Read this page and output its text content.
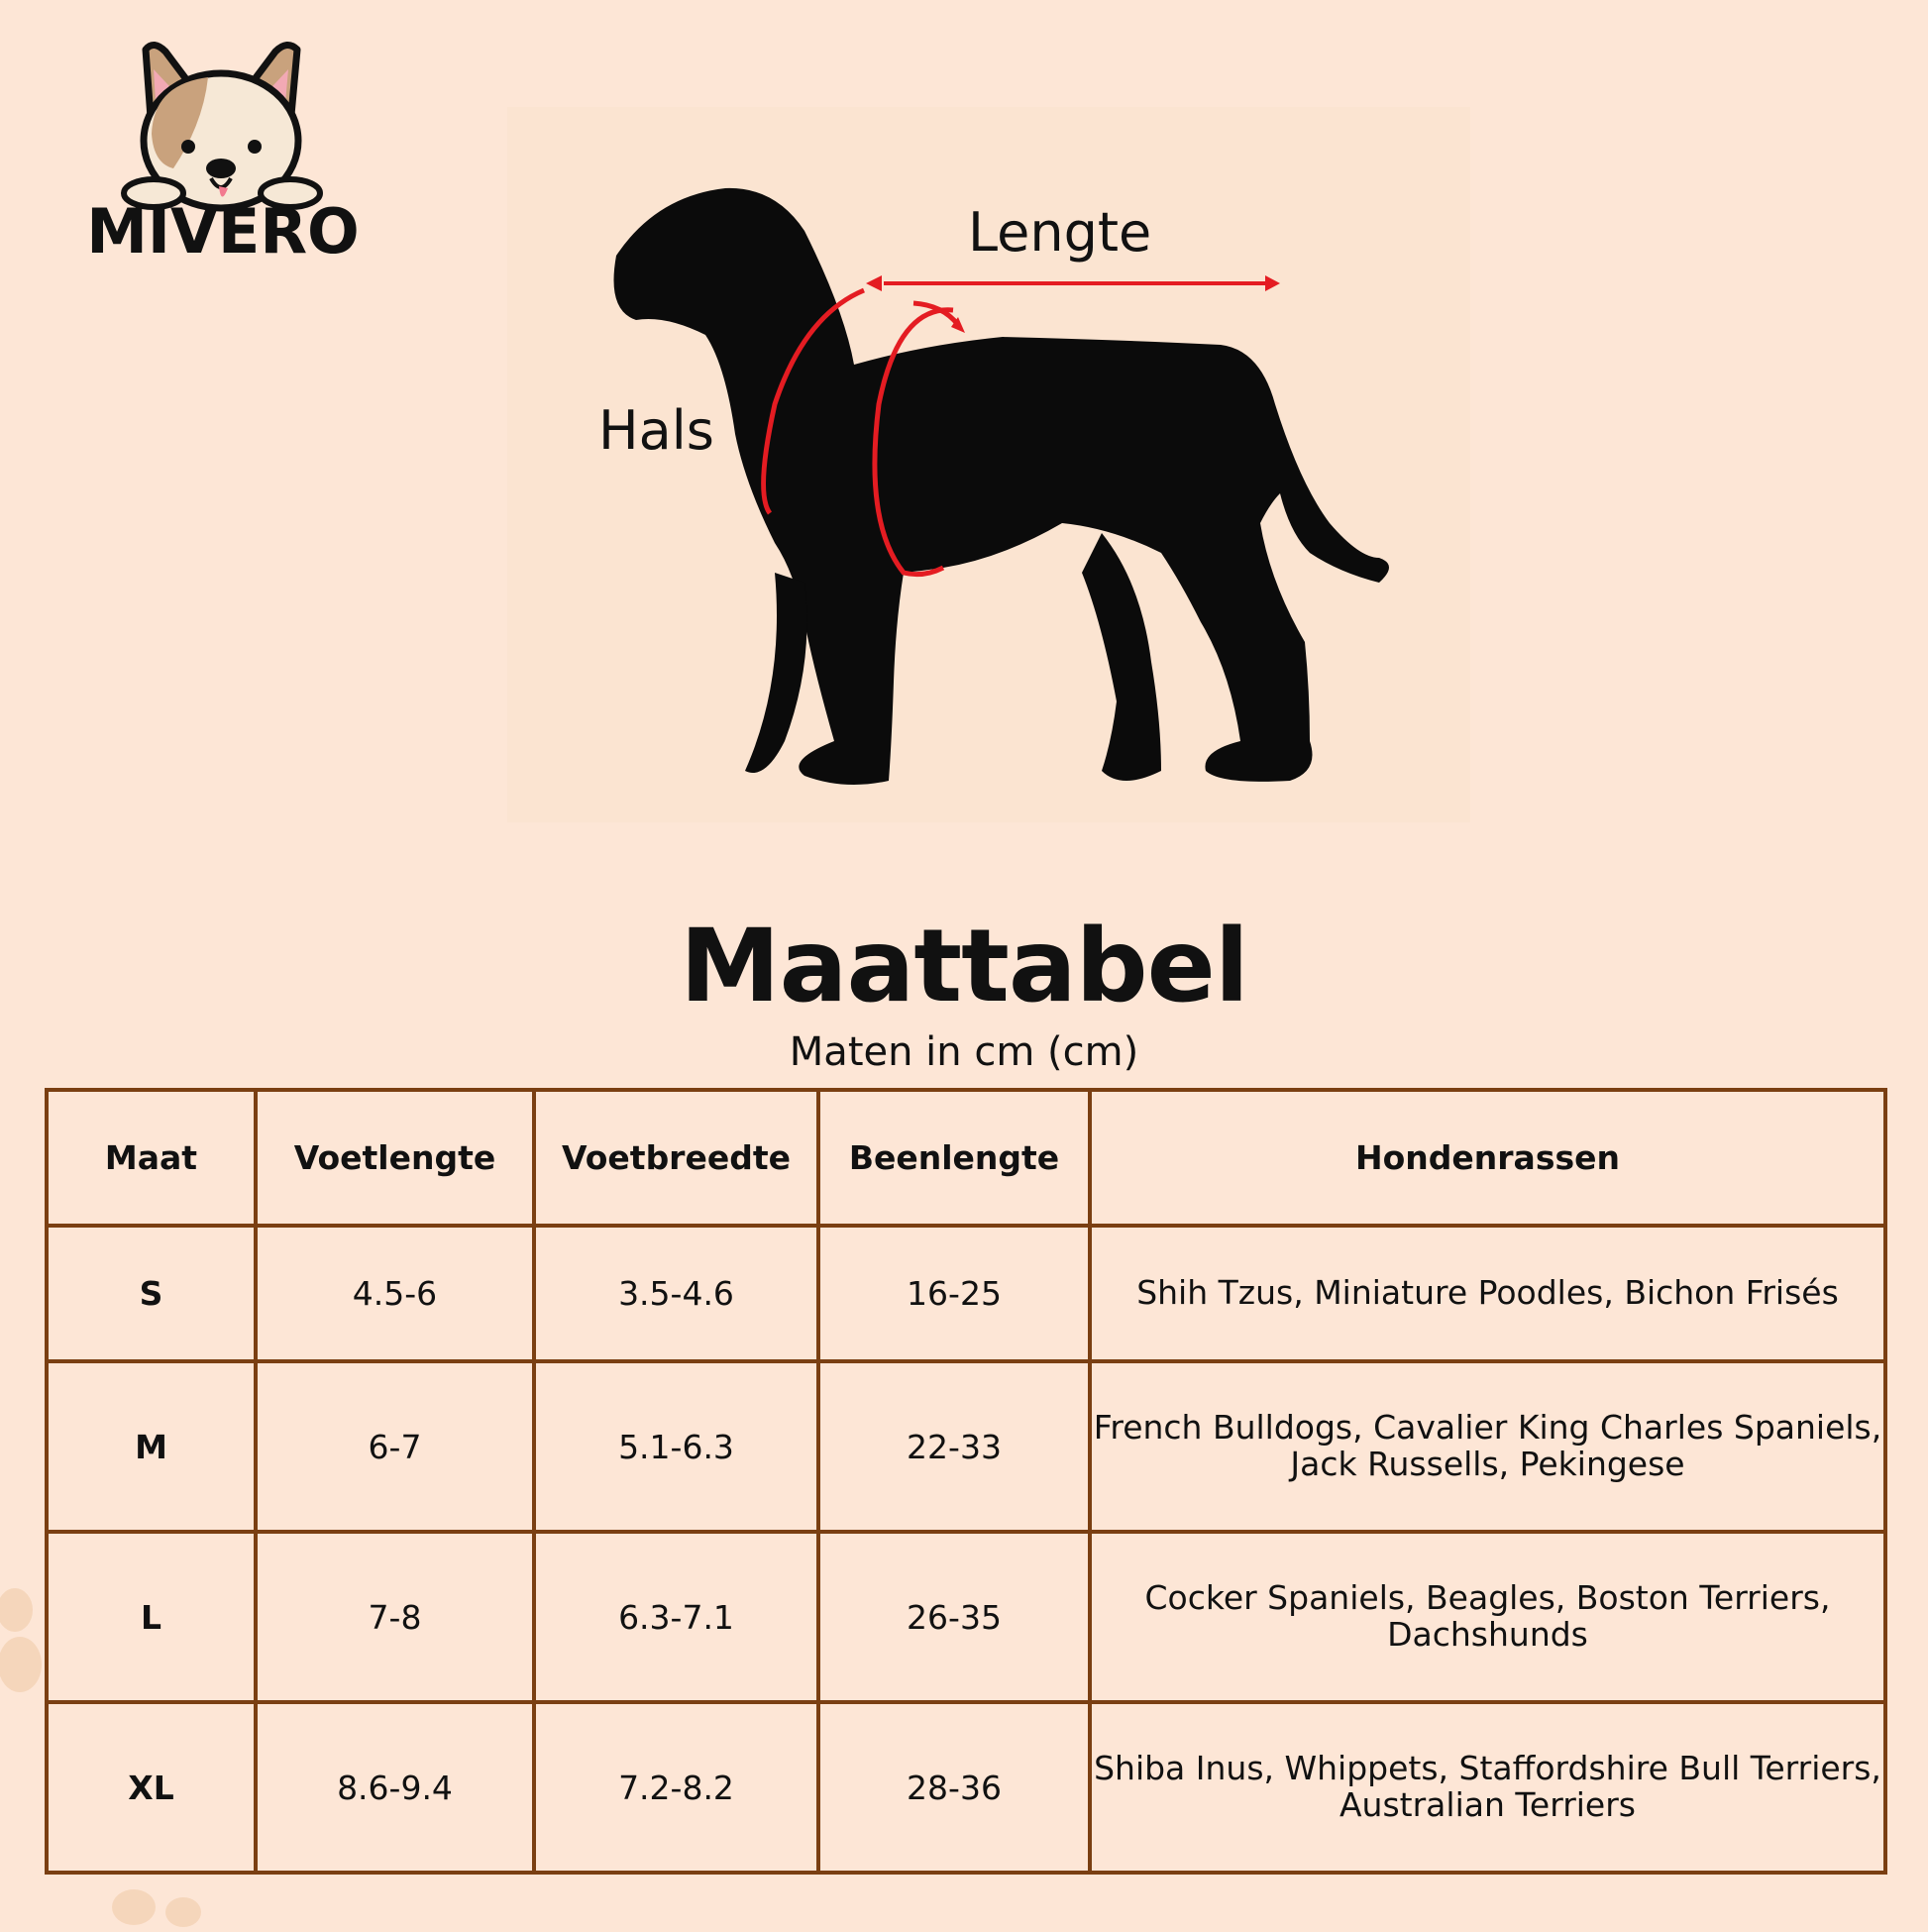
MIVERO	Lengte
Hals
Maattabel
Maten in cm (cm)
Maat	Voetlengte	Voetbreedte	Beenlengte	Hondenrassen
S	4.5-6	3.5-4.6	16-25	Shih Tzus, Miniature Poodles, Bichon Frisés
M	6-7	5.1-6.3	22-33	French Bulldogs, Cavalier King Charles Spaniels, Jack Russells, Pekingese
L	7-8	6.3-7.1	26-35	Cocker Spaniels, Beagles, Boston Terriers, Dachshunds
XL	8.6-9.4	7.2-8.2	28-36	Shiba Inus, Whippets, Staffordshire Bull Terriers, Australian Terriers
